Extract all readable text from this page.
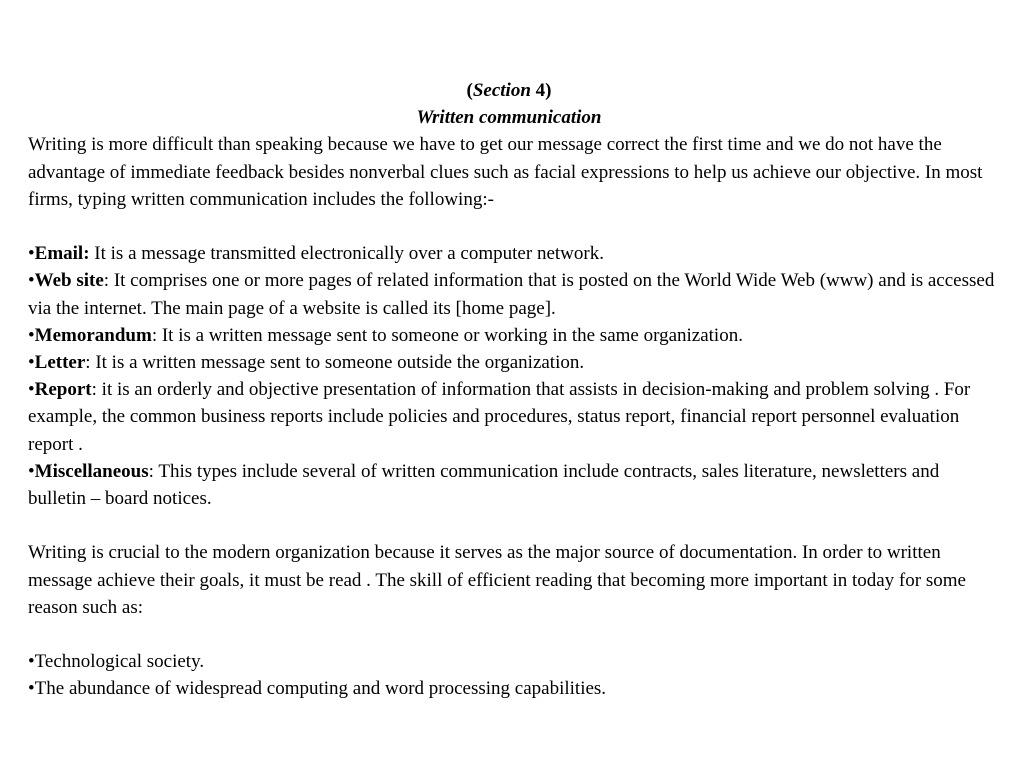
(Section 4)
Written communication

Writing is more difficult than speaking because we have to get our message correct the first time and we do not have the advantage of immediate feedback besides nonverbal clues such as facial expressions to help us achieve our objective. In most firms, typing written communication includes the following:-

•Email: It is a message transmitted electronically over a computer network.

•Web site: It comprises one or more pages of related information that is posted on the World Wide Web (www) and is accessed via the internet. The main page of a website is called its [home page].

•Memorandum: It is a written message sent to someone or working in the same organization.

•Letter: It is a written message sent to someone outside the organization.

•Report: it is an orderly and objective presentation of information that assists in decision-making and problem solving . For example, the common business reports include policies and procedures, status report, financial report personnel evaluation report .

•Miscellaneous: This types include several of written communication include contracts, sales literature, newsletters and bulletin – board notices.

Writing is crucial to the modern organization because it serves as the major source of documentation. In order to written message achieve their goals, it must be read . The skill of efficient reading that becoming more important in today for some reason such as:

•Technological society.

•The abundance of widespread computing and word processing capabilities.
